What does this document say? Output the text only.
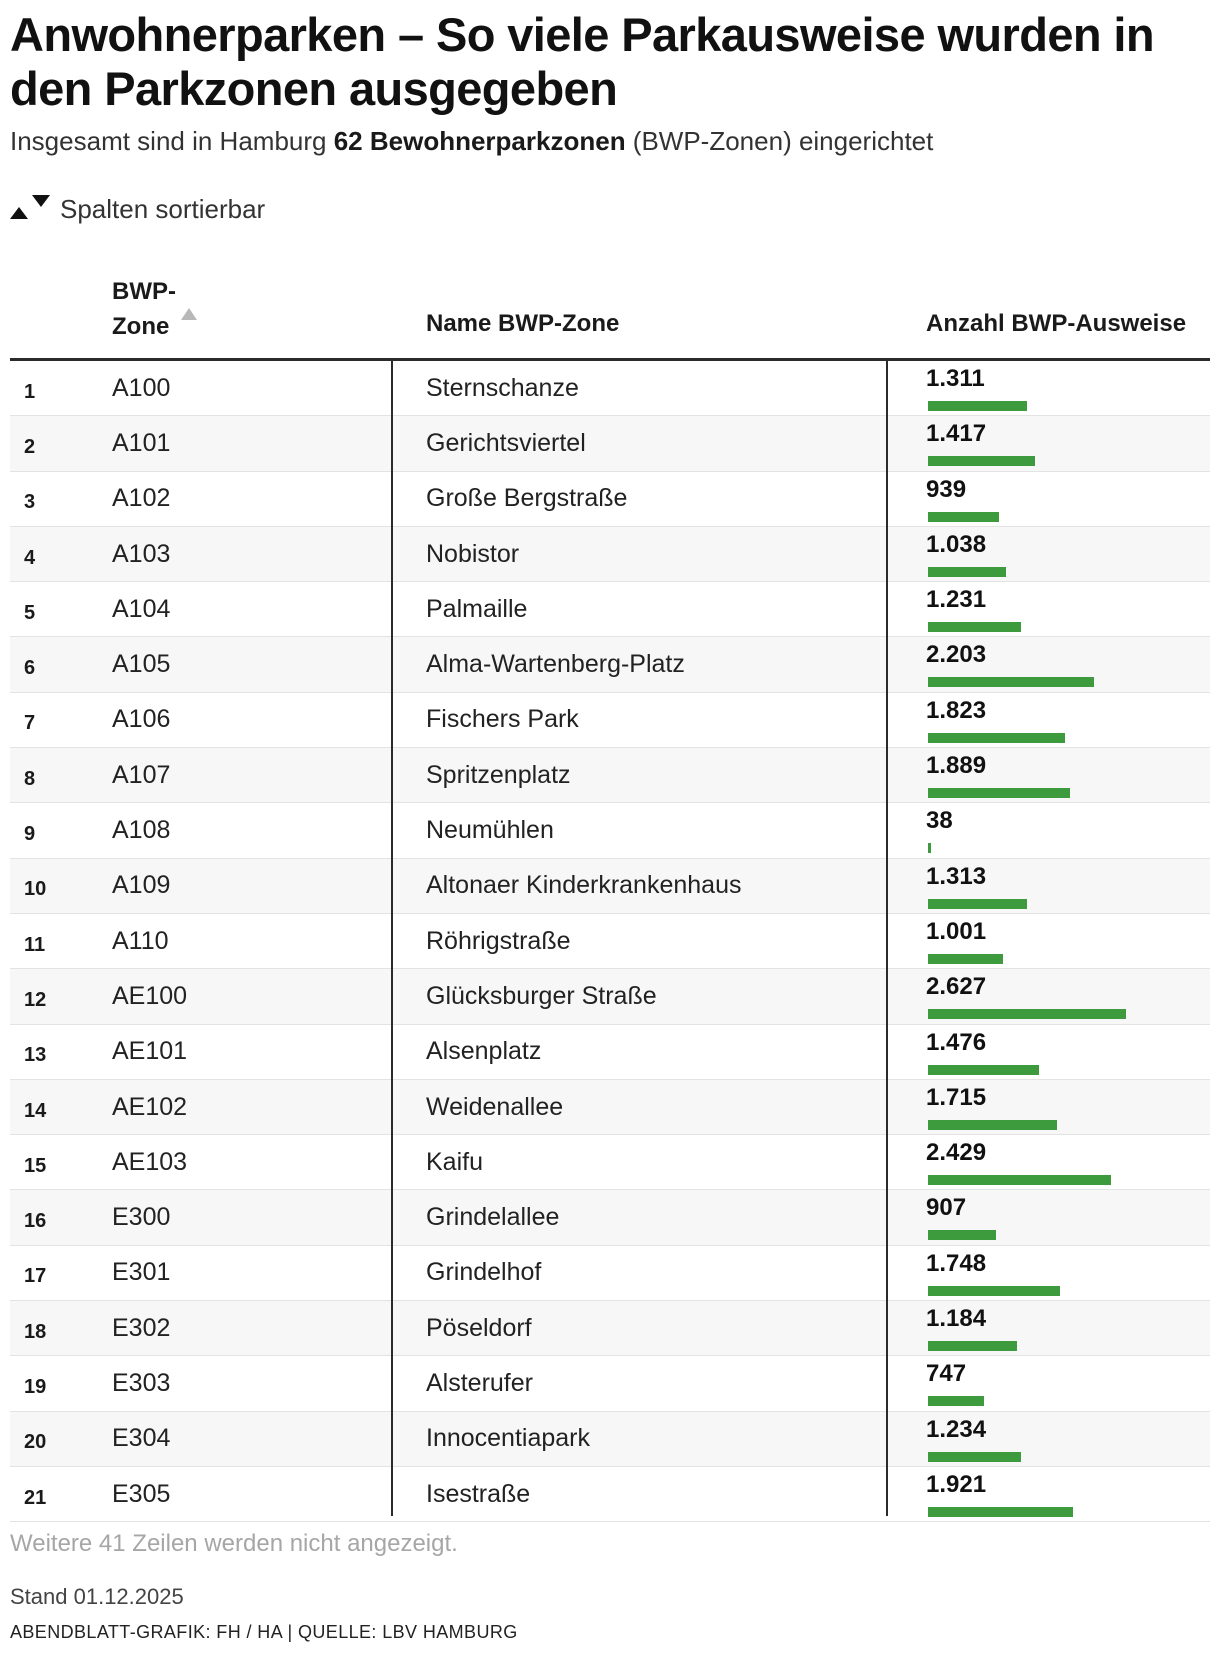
Anwohnerparken – So viele Parkausweise wurden in den Parkzonen ausgegeben

Insgesamt sind in Hamburg 62 Bewohnerparkzonen (BWP-Zonen) eingerichtet

Spalten sortierbar
BWP-Zone	Name BWP-Zone	Anzahl BWP-Ausweise
1	A100	Sternschanze	1.311
2	A101	Gerichtsviertel	1.417
3	A102	Große Bergstraße	939
4	A103	Nobistor	1.038
5	A104	Palmaille	1.231
6	A105	Alma-Wartenberg-Platz	2.203
7	A106	Fischers Park	1.823
8	A107	Spritzenplatz	1.889
9	A108	Neumühlen	38
10	A109	Altonaer Kinderkrankenhaus	1.313
11	A110	Röhrigstraße	1.001
12	AE100	Glücksburger Straße	2.627
13	AE101	Alsenplatz	1.476
14	AE102	Weidenallee	1.715
15	AE103	Kaifu	2.429
16	E300	Grindelallee	907
17	E301	Grindelhof	1.748
18	E302	Pöseldorf	1.184
19	E303	Alsterufer	747
20	E304	Innocentiapark	1.234
21	E305	Isestraße	1.921
Weitere 41 Zeilen werden nicht angezeigt.
Stand 01.12.2025
ABENDBLATT-GRAFIK: FH / HA | QUELLE: LBV HAMBURG
